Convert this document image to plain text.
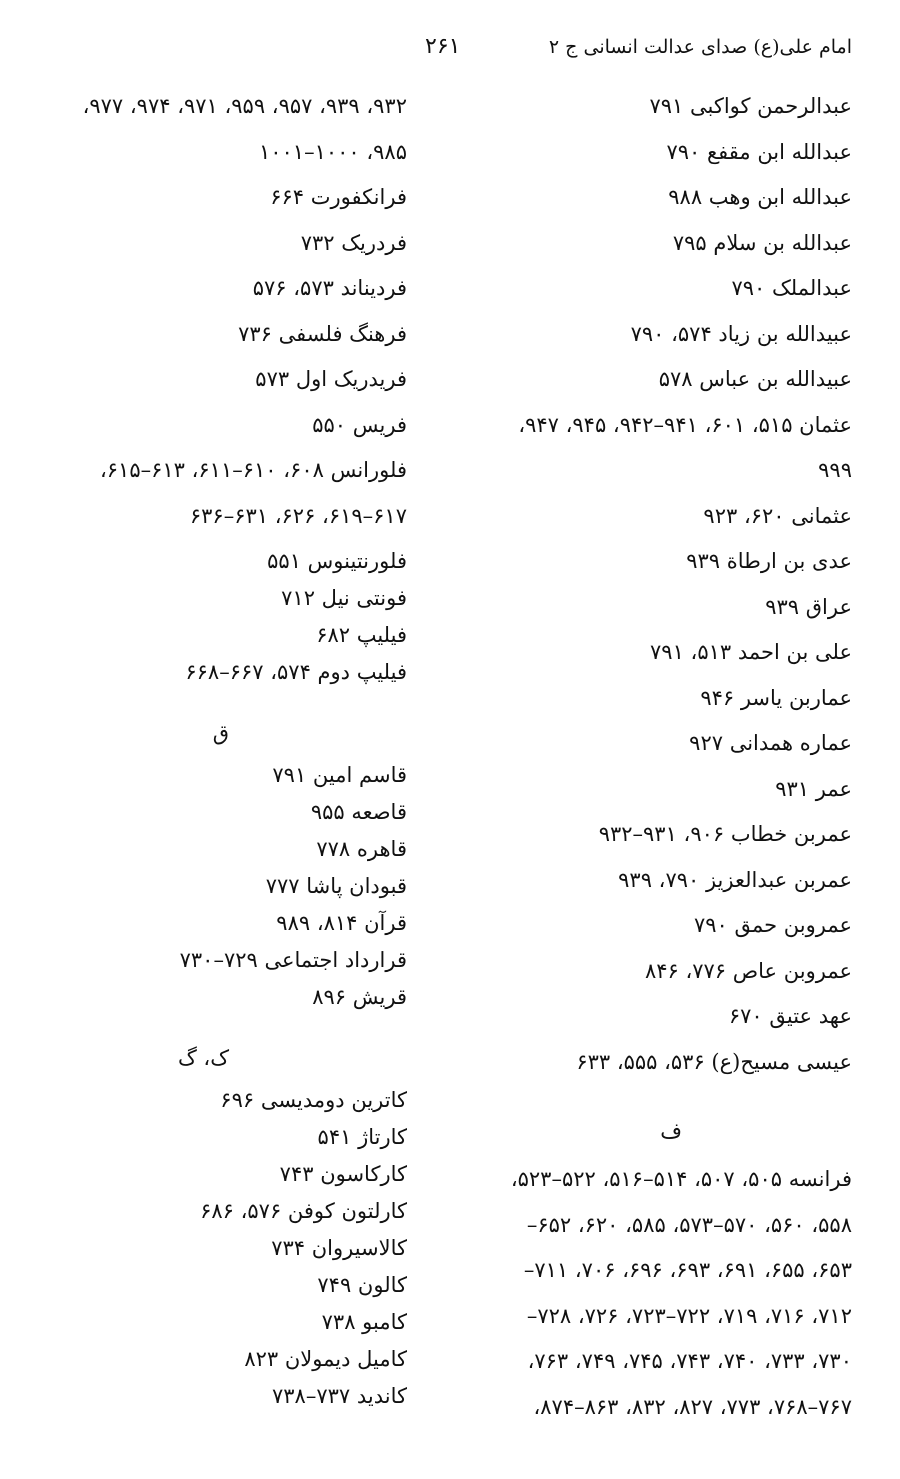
امام علی(ع) صدای عدالت انسانی ج ۲
۲۶۱
عبدالرحمن کواکبی ۷۹۱
عبدالله ابن مقفع ۷۹۰
عبدالله ابن وهب ۹۸۸
عبدالله بن سلام ۷۹۵
عبدالملک ۷۹۰
عبیدالله بن زیاد ۵۷۴، ۷۹۰
عبیدالله بن عباس ۵۷۸
عثمان ۵۱۵، ۶۰۱، ۹۴۱–۹۴۲، ۹۴۵، ۹۴۷،
۹۹۹
عثمانی ۶۲۰، ۹۲۳
عدی بن ارطاة ۹۳۹
عراق ۹۳۹
علی بن احمد ۵۱۳، ۷۹۱
عماربن یاسر ۹۴۶
عماره همدانی ۹۲۷
عمر ۹۳۱
عمربن خطاب ۹۰۶، ۹۳۱–۹۳۲
عمربن عبدالعزیز ۷۹۰، ۹۳۹
عمروبن حمق ۷۹۰
عمروبن عاص ۷۷۶، ۸۴۶
عهد عتیق ۶۷۰
عیسی مسیح(ع) ۵۳۶، ۵۵۵، ۶۳۳
ف
فرانسه ۵۰۵، ۵۰۷، ۵۱۴–۵۱۶، ۵۲۲–۵۲۳،
۵۵۸، ۵۶۰، ۵۷۰–۵۷۳، ۵۸۵، ۶۲۰، ۶۵۲–
۶۵۳، ۶۵۵، ۶۹۱، ۶۹۳، ۶۹۶، ۷۰۶، ۷۱۱–
۷۱۲، ۷۱۶، ۷۱۹، ۷۲۲–۷۲۳، ۷۲۶، ۷۲۸–
۷۳۰، ۷۳۳، ۷۴۰، ۷۴۳، ۷۴۵، ۷۴۹، ۷۶۳،
۷۶۷–۷۶۸، ۷۷۳، ۸۲۷، ۸۳۲، ۸۶۳–۸۷۴،
۹۳۲، ۹۳۹، ۹۵۷، ۹۵۹، ۹۷۱، ۹۷۴، ۹۷۷،
۹۸۵، ۱۰۰۰–۱۰۰۱
فرانکفورت ۶۶۴
فردریک ۷۳۲
فردیناند ۵۷۳، ۵۷۶
فرهنگ فلسفی ۷۳۶
فریدریک اول ۵۷۳
فریس ۵۵۰
فلورانس ۶۰۸، ۶۱۰–۶۱۱، ۶۱۳–۶۱۵،
۶۱۷–۶۱۹، ۶۲۶، ۶۳۱–۶۳۶
فلورنتینوس ۵۵۱
فونتی نیل ۷۱۲
فیلیپ ۶۸۲
فیلیپ دوم ۵۷۴، ۶۶۷–۶۶۸
ق
قاسم امین ۷۹۱
قاصعه ۹۵۵
قاهره ۷۷۸
قبودان پاشا ۷۷۷
قرآن ۸۱۴، ۹۸۹
قرارداد اجتماعی ۷۲۹–۷۳۰
قریش ۸۹۶
ک، گ
کاترین دومدیسی ۶۹۶
کارتاژ ۵۴۱
کارکاسون ۷۴۳
کارلتون کوفن ۵۷۶، ۶۸۶
کالاسیروان ۷۳۴
کالون ۷۴۹
کامبو ۷۳۸
کامیل دیمولان ۸۲۳
کاندید ۷۳۷–۷۳۸
